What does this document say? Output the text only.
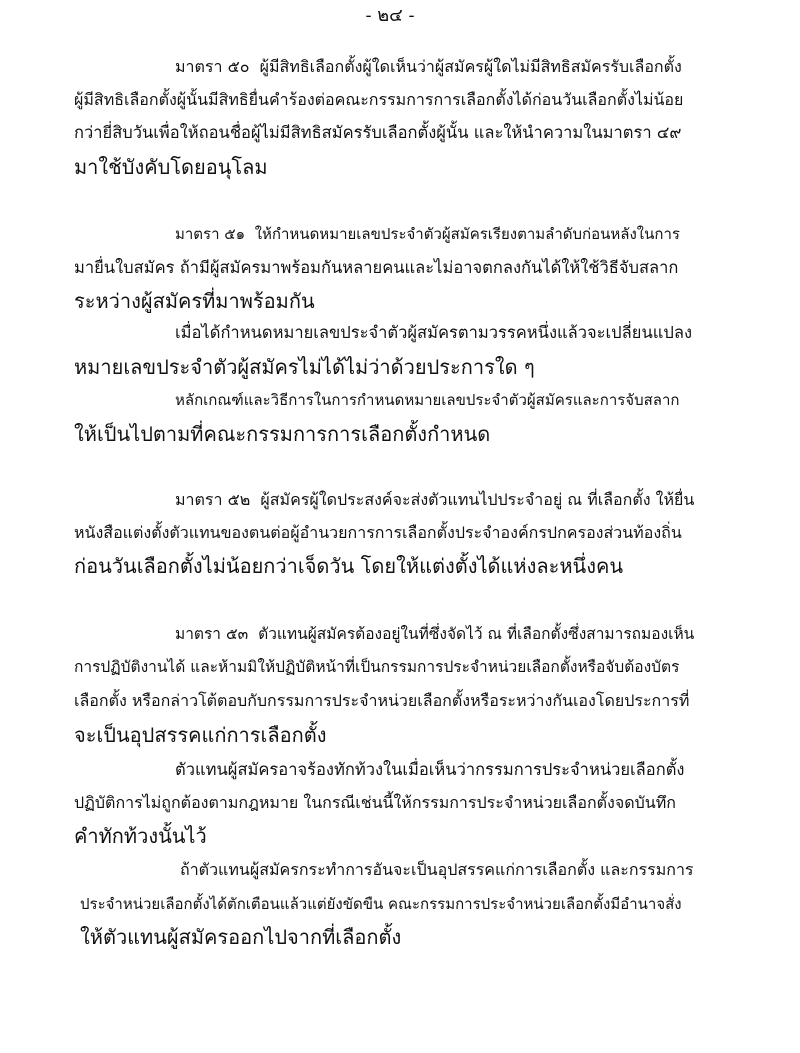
- ๒๔ -
มาตรา ๕๐  ผู้มีสิทธิเลือกตั้งผู้ใดเห็นว่าผู้สมัครผู้ใดไม่มีสิทธิสมัครรับเลือกตั้ง
ผู้มีสิทธิเลือกตั้งผู้นั้นมีสิทธิยื่นคำร้องต่อคณะกรรมการการเลือกตั้งได้ก่อนวันเลือกตั้งไม่น้อย
กว่ายี่สิบวันเพื่อให้ถอนชื่อผู้ไม่มีสิทธิสมัครรับเลือกตั้งผู้นั้น และให้นำความในมาตรา ๔๙
มาใช้บังคับโดยอนุโลม
มาตรา ๕๑  ให้กำหนดหมายเลขประจำตัวผู้สมัครเรียงตามลำดับก่อนหลังในการ
มายื่นใบสมัคร ถ้ามีผู้สมัครมาพร้อมกันหลายคนและไม่อาจตกลงกันได้ให้ใช้วิธีจับสลาก
ระหว่างผู้สมัครที่มาพร้อมกัน
เมื่อได้กำหนดหมายเลขประจำตัวผู้สมัครตามวรรคหนึ่งแล้วจะเปลี่ยนแปลง
หมายเลขประจำตัวผู้สมัครไม่ได้ไม่ว่าด้วยประการใด ๆ
หลักเกณฑ์และวิธีการในการกำหนดหมายเลขประจำตัวผู้สมัครและการจับสลาก
ให้เป็นไปตามที่คณะกรรมการการเลือกตั้งกำหนด
มาตรา ๕๒  ผู้สมัครผู้ใดประสงค์จะส่งตัวแทนไปประจำอยู่ ณ ที่เลือกตั้ง ให้ยื่น
หนังสือแต่งตั้งตัวแทนของตนต่อผู้อำนวยการการเลือกตั้งประจำองค์กรปกครองส่วนท้องถิ่น
ก่อนวันเลือกตั้งไม่น้อยกว่าเจ็ดวัน โดยให้แต่งตั้งได้แห่งละหนึ่งคน
มาตรา ๕๓  ตัวแทนผู้สมัครต้องอยู่ในที่ซึ่งจัดไว้ ณ ที่เลือกตั้งซึ่งสามารถมองเห็น
การปฏิบัติงานได้ และห้ามมิให้ปฏิบัติหน้าที่เป็นกรรมการประจำหน่วยเลือกตั้งหรือจับต้องบัตร
เลือกตั้ง หรือกล่าวโต้ตอบกับกรรมการประจำหน่วยเลือกตั้งหรือระหว่างกันเองโดยประการที่
จะเป็นอุปสรรคแก่การเลือกตั้ง
ตัวแทนผู้สมัครอาจร้องทักท้วงในเมื่อเห็นว่ากรรมการประจำหน่วยเลือกตั้ง
ปฏิบัติการไม่ถูกต้องตามกฎหมาย ในกรณีเช่นนี้ให้กรรมการประจำหน่วยเลือกตั้งจดบันทึก
คำทักท้วงนั้นไว้
ถ้าตัวแทนผู้สมัครกระทำการอันจะเป็นอุปสรรคแก่การเลือกตั้ง และกรรมการ
ประจำหน่วยเลือกตั้งได้ตักเตือนแล้วแต่ยังขัดขืน คณะกรรมการประจำหน่วยเลือกตั้งมีอำนาจสั่ง
ให้ตัวแทนผู้สมัครออกไปจากที่เลือกตั้ง
